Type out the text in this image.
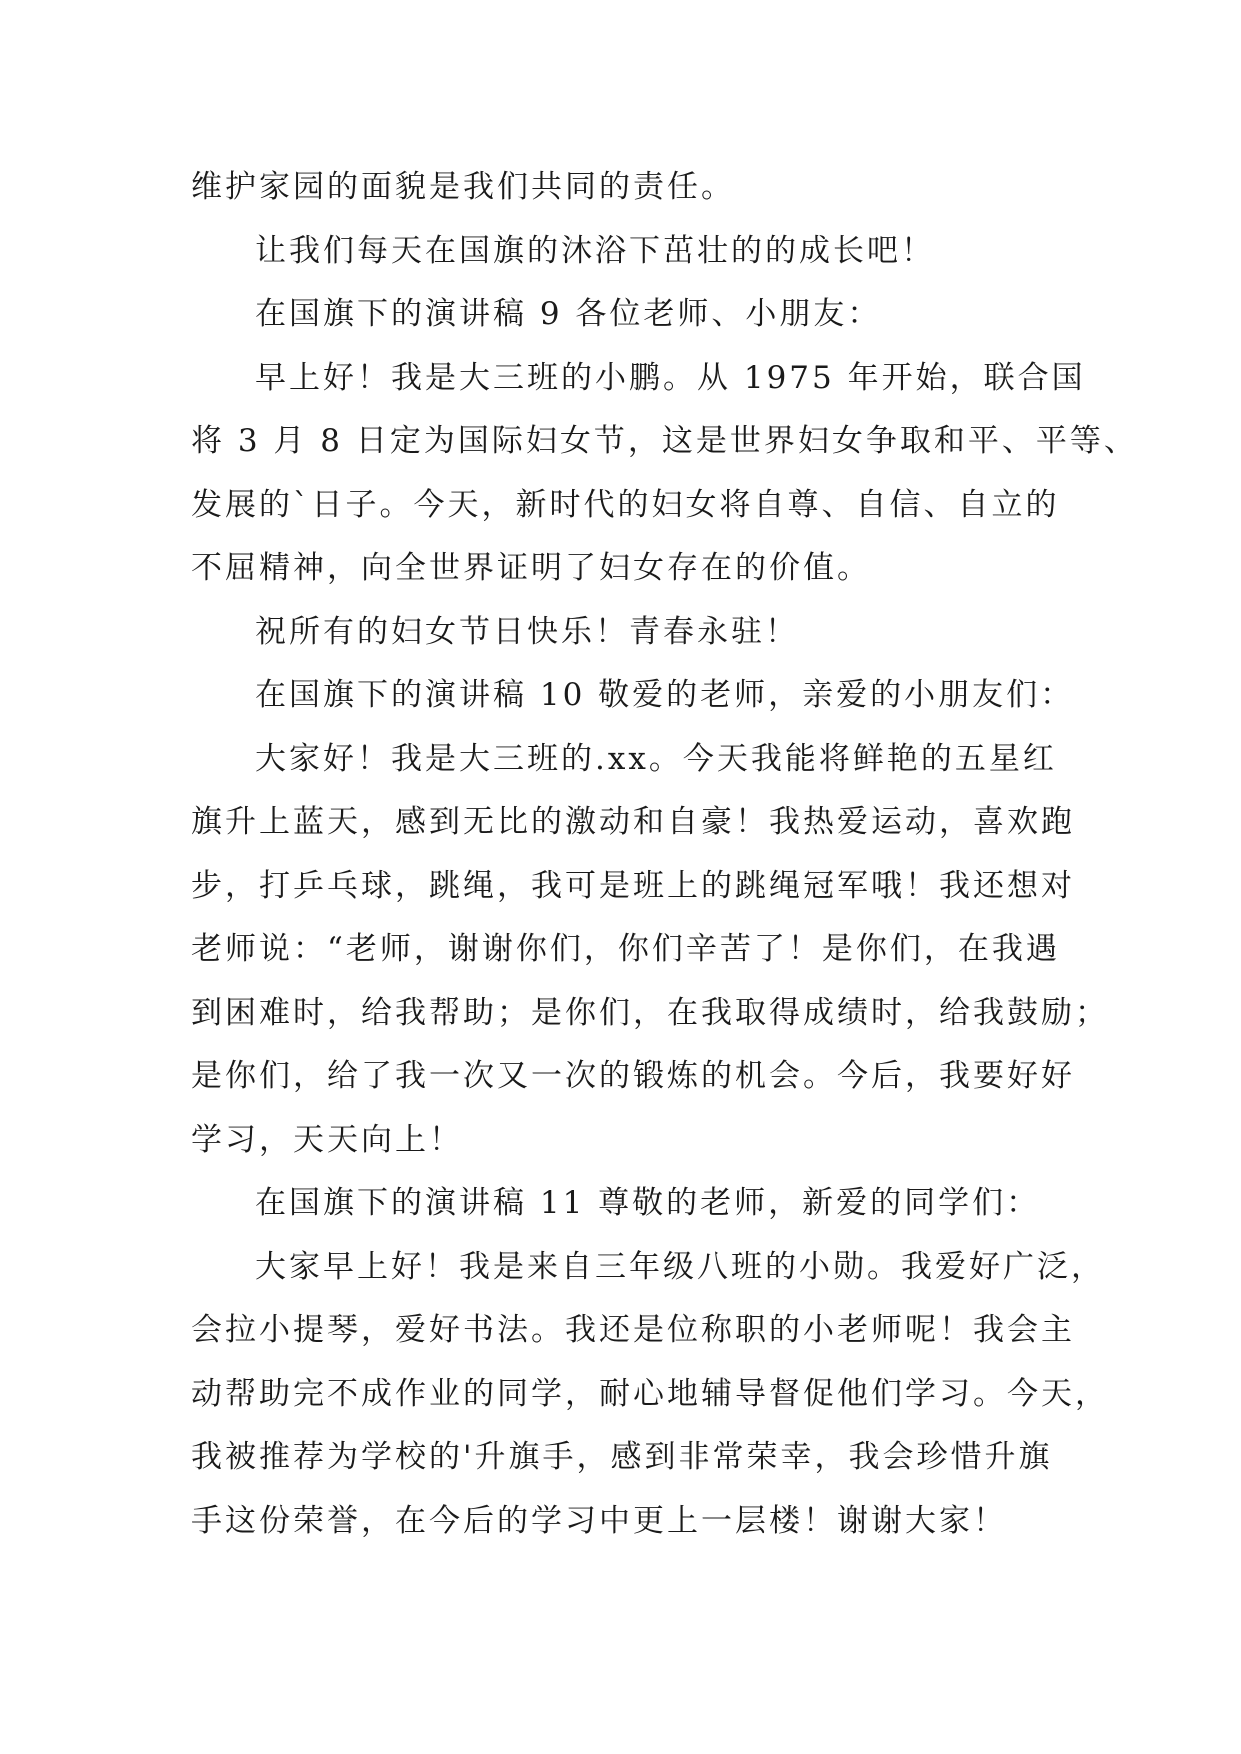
维护家园的面貌是我们共同的责任。
让我们每天在国旗的沐浴下茁壮的的成长吧！
在国旗下的演讲稿 9 各位老师、小朋友：
早上好！我是大三班的小鹏。从 1975 年开始，联合国
将 3 月 8 日定为国际妇女节，这是世界妇女争取和平、平等、
发展的`日子。今天，新时代的妇女将自尊、自信、自立的
不屈精神，向全世界证明了妇女存在的价值。
祝所有的妇女节日快乐！青春永驻！
在国旗下的演讲稿 10 敬爱的老师，亲爱的小朋友们：
大家好！我是大三班的.xx。今天我能将鲜艳的五星红
旗升上蓝天，感到无比的激动和自豪！我热爱运动，喜欢跑
步，打乒乓球，跳绳，我可是班上的跳绳冠军哦！我还想对
老师说：“老师，谢谢你们，你们辛苦了！是你们，在我遇
到困难时，给我帮助；是你们，在我取得成绩时，给我鼓励；
是你们，给了我一次又一次的锻炼的机会。今后，我要好好
学习，天天向上！
在国旗下的演讲稿 11 尊敬的老师，新爱的同学们：
大家早上好！我是来自三年级八班的小勋。我爱好广泛，
会拉小提琴，爱好书法。我还是位称职的小老师呢！我会主
动帮助完不成作业的同学，耐心地辅导督促他们学习。今天，
我被推荐为学校的'升旗手，感到非常荣幸，我会珍惜升旗
手这份荣誉，在今后的学习中更上一层楼！谢谢大家！
